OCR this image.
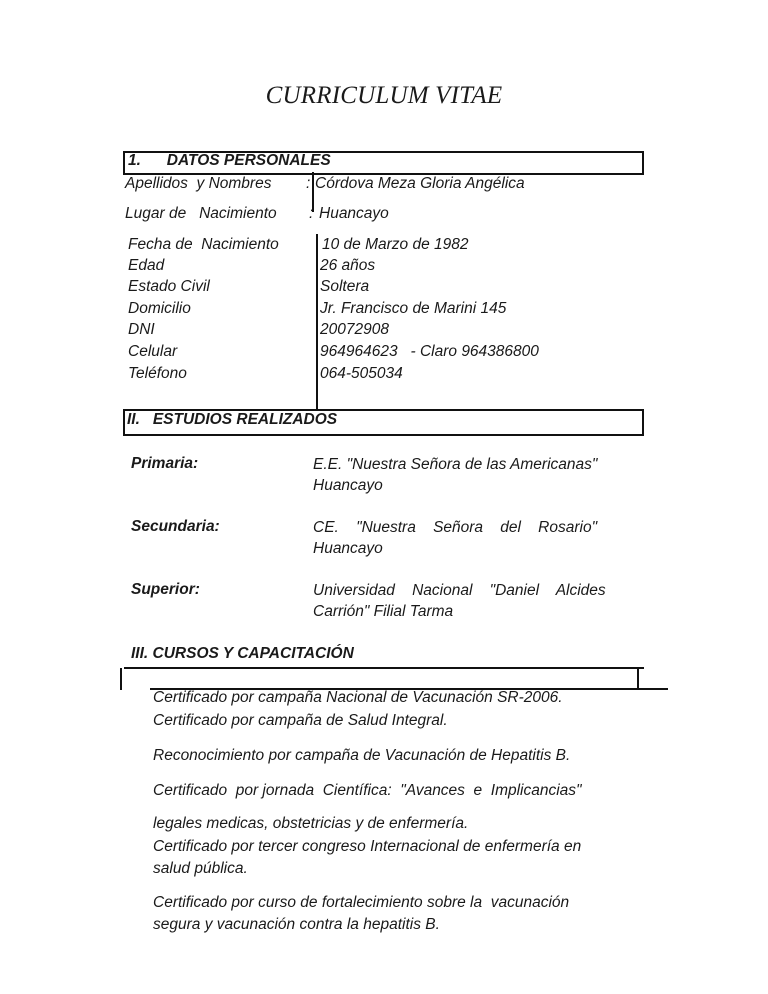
CURRICULUM VITAE
1.      DATOS PERSONALES
Apellidos  y Nombres : Córdova Meza Gloria Angélica
Lugar de   Nacimiento : Huancayo
Fecha de  Nacimiento	10 de Marzo de 1982
Edad	26 años
Estado Civil	Soltera
Domicilio	Jr. Francisco de Marini 145
DNI	20072908
Celular	964964623   - Claro 964386800
Teléfono	064-505034
II.   ESTUDIOS REALIZADOS
Primaria:	E.E. "Nuestra Señora de las Americanas"
Huancayo
Secundaria:	CE.    "Nuestra    Señora    del    Rosario"
Huancayo
Superior:	Universidad    Nacional    "Daniel    Alcides
Carrión" Filial Tarma
III. CURSOS Y CAPACITACIÓN
Certificado por campaña Nacional de Vacunación SR-2006.
Certificado por campaña de Salud Integral.
Reconocimiento por campaña de Vacunación de Hepatitis B.
Certificado  por jornada  Científica:  "Avances  e  Implicancias"
legales medicas, obstetricias y de enfermería.
Certificado por tercer congreso Internacional de enfermería en
salud pública.
Certificado por curso de fortalecimiento sobre la  vacunación
segura y vacunación contra la hepatitis B.
